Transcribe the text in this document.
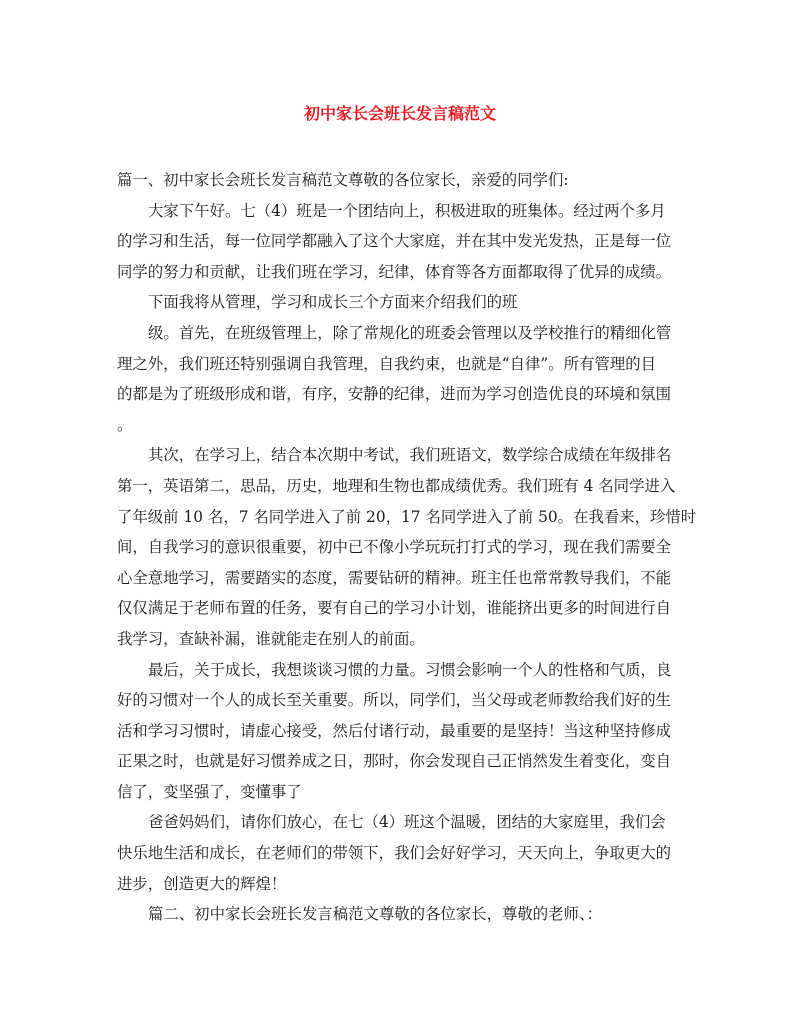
初中家长会班长发言稿范文
篇一、初中家长会班长发言稿范文尊敬的各位家长，亲爱的同学们:
大家下午好。七（4）班是一个团结向上，积极进取的班集体。经过两个多月
的学习和生活，每一位同学都融入了这个大家庭，并在其中发光发热，正是每一位
同学的努力和贡献，让我们班在学习，纪律，体育等各方面都取得了优异的成绩。
下面我将从管理，学习和成长三个方面来介绍我们的班
级。首先，在班级管理上，除了常规化的班委会管理以及学校推行的精细化管
理之外，我们班还特别强调自我管理，自我约束，也就是“自律”。所有管理的目
的都是为了班级形成和谐，有序，安静的纪律，进而为学习创造优良的环境和氛围
。
其次，在学习上，结合本次期中考试，我们班语文，数学综合成绩在年级排名
第一，英语第二，思品，历史，地理和生物也都成绩优秀。我们班有 4 名同学进入
了年级前 10 名，7 名同学进入了前 20，17 名同学进入了前 50。在我看来，珍惜时
间，自我学习的意识很重要，初中已不像小学玩玩打打式的学习，现在我们需要全
心全意地学习，需要踏实的态度，需要钻研的精神。班主任也常常教导我们，不能
仅仅满足于老师布置的任务，要有自己的学习小计划，谁能挤出更多的时间进行自
我学习，查缺补漏，谁就能走在别人的前面。
最后，关于成长，我想谈谈习惯的力量。习惯会影响一个人的性格和气质，良
好的习惯对一个人的成长至关重要。所以，同学们，当父母或老师教给我们好的生
活和学习习惯时，请虚心接受，然后付诸行动，最重要的是坚持！当这种坚持修成
正果之时，也就是好习惯养成之日，那时，你会发现自己正悄然发生着变化，变自
信了，变坚强了，变懂事了
爸爸妈妈们，请你们放心，在七（4）班这个温暖，团结的大家庭里，我们会
快乐地生活和成长，在老师们的带领下，我们会好好学习，天天向上，争取更大的
进步，创造更大的辉煌！
篇二、初中家长会班长发言稿范文尊敬的各位家长，尊敬的老师、：
